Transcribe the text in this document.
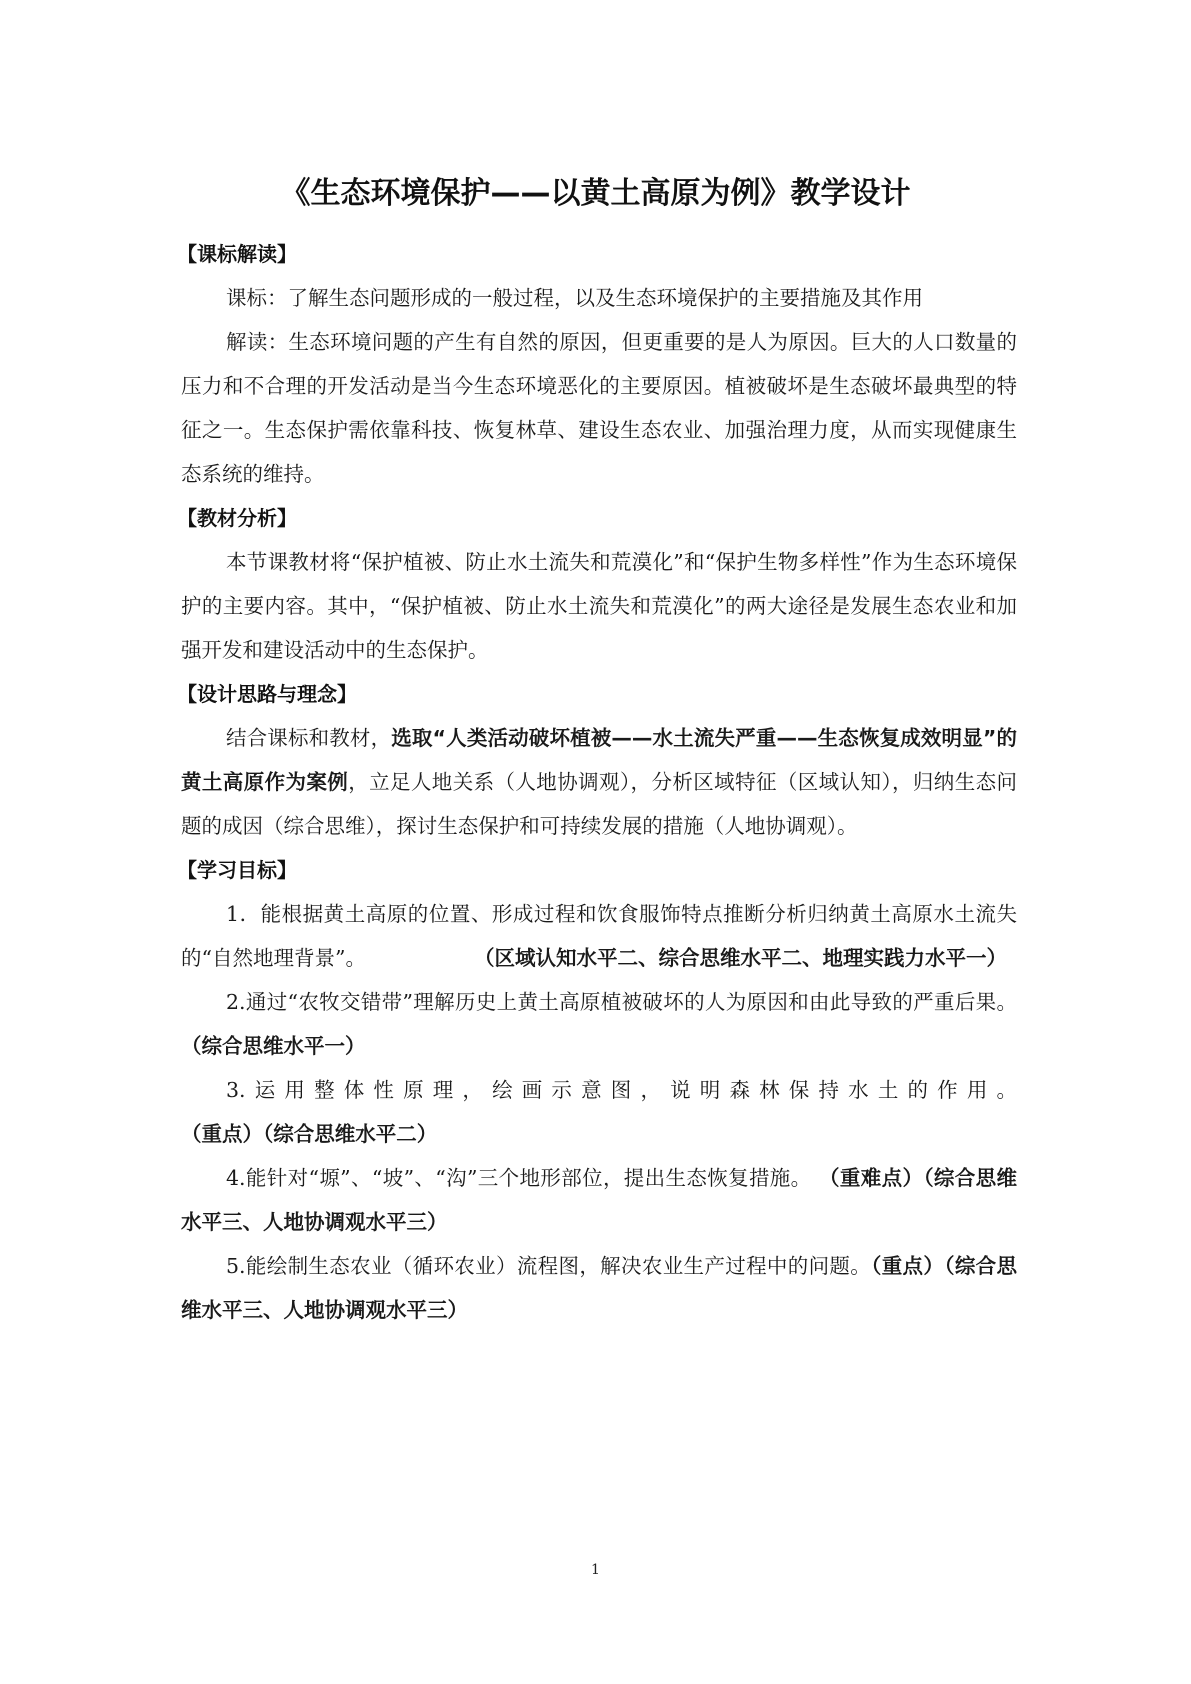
《生态环境保护——以黄土高原为例》教学设计
【课标解读】

课标：了解生态问题形成的一般过程，以及生态环境保护的主要措施及其作用

解读：生态环境问题的产生有自然的原因，但更重要的是人为原因。巨大的人口数量的压力和不合理的开发活动是当今生态环境恶化的主要原因。植被破坏是生态破坏最典型的特征之一。生态保护需依靠科技、恢复林草、建设生态农业、加强治理力度，从而实现健康生态系统的维持。

【教材分析】

本节课教材将“保护植被、防止水土流失和荒漠化”和“保护生物多样性”作为生态环境保护的主要内容。其中，“保护植被、防止水土流失和荒漠化”的两大途径是发展生态农业和加强开发和建设活动中的生态保护。

【设计思路与理念】

结合课标和教材，选取“人类活动破坏植被——水土流失严重——生态恢复成效明显”的黄土高原作为案例，立足人地关系（人地协调观），分析区域特征（区域认知），归纳生态问题的成因（综合思维），探讨生态保护和可持续发展的措施（人地协调观）。

【学习目标】

1．能根据黄土高原的位置、形成过程和饮食服饰特点推断分析归纳黄土高原水土流失的“自然地理背景”。	（区域认知水平二、综合思维水平二、地理实践力水平一）

2.通过“农牧交错带”理解历史上黄土高原植被破坏的人为原因和由此导致的严重后果。（综合思维水平一）

3.运用整体性原理，绘画示意图，说明森林保持水土的作用。（重点）（综合思维水平二）

4.能针对“塬”、“坡”、“沟”三个地形部位，提出生态恢复措施。 （重难点）（综合思维水平三、人地协调观水平三）

5.能绘制生态农业（循环农业）流程图，解决农业生产过程中的问题。（重点）（综合思维水平三、人地协调观水平三）

1
